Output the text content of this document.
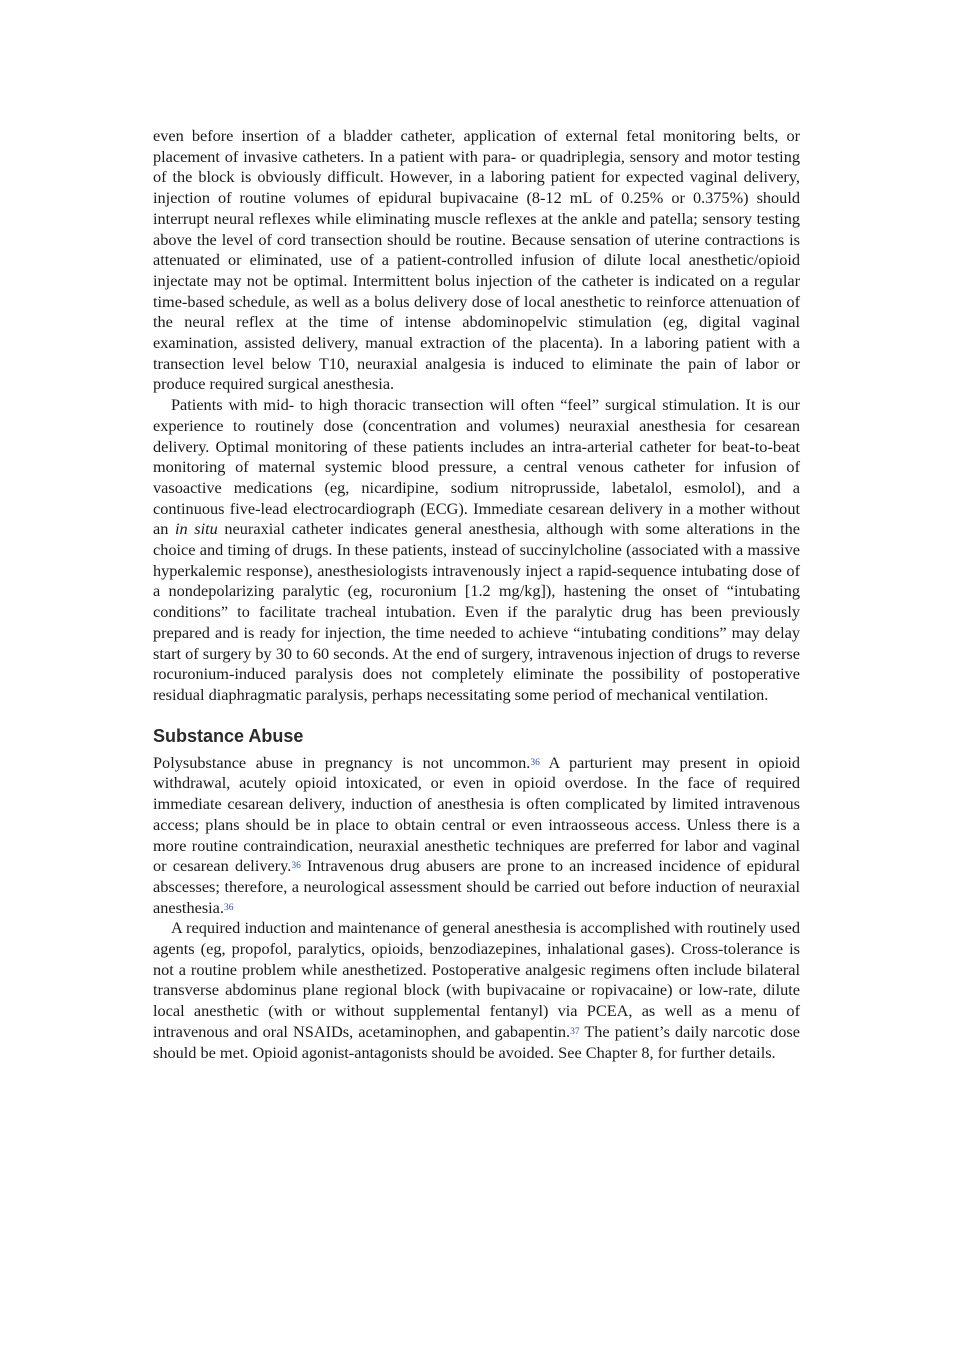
even before insertion of a bladder catheter, application of external fetal monitoring belts, or placement of invasive catheters. In a patient with para- or quadriplegia, sensory and motor testing of the block is obviously difficult. However, in a laboring patient for expected vaginal delivery, injection of routine volumes of epidural bupivacaine (8-12 mL of 0.25% or 0.375%) should interrupt neural reflexes while eliminating muscle reflexes at the ankle and patella; sensory testing above the level of cord transection should be routine. Because sensation of uterine contractions is attenuated or eliminated, use of a patient-controlled infusion of dilute local anesthetic/opioid injectate may not be optimal. Intermittent bolus injection of the catheter is indicated on a regular time-based schedule, as well as a bolus delivery dose of local anesthetic to reinforce attenuation of the neural reflex at the time of intense abdominopelvic stimulation (eg, digital vaginal examination, assisted delivery, manual extraction of the placenta). In a laboring patient with a transection level below T10, neuraxial analgesia is induced to eliminate the pain of labor or produce required surgical anesthesia.

Patients with mid- to high thoracic transection will often “feel” surgical stimulation. It is our experience to routinely dose (concentration and volumes) neuraxial anesthesia for cesarean delivery. Optimal monitoring of these patients includes an intra-arterial catheter for beat-to-beat monitoring of maternal systemic blood pressure, a central venous catheter for infusion of vasoactive medications (eg, nicardipine, sodium nitroprusside, labetalol, esmolol), and a continuous five-lead electrocardiograph (ECG). Immediate cesarean delivery in a mother without an in situ neuraxial catheter indicates general anesthesia, although with some alterations in the choice and timing of drugs. In these patients, instead of succinylcholine (associated with a massive hyperkalemic response), anesthesiologists intravenously inject a rapid-sequence intubating dose of a nondepolarizing paralytic (eg, rocuronium [1.2 mg/kg]), hastening the onset of “intubating conditions” to facilitate tracheal intubation. Even if the paralytic drug has been previously prepared and is ready for injection, the time needed to achieve “intubating conditions” may delay start of surgery by 30 to 60 seconds. At the end of surgery, intravenous injection of drugs to reverse rocuronium-induced paralysis does not completely eliminate the possibility of postoperative residual diaphragmatic paralysis, perhaps necessitating some period of mechanical ventilation.

Substance Abuse

Polysubstance abuse in pregnancy is not uncommon.36 A parturient may present in opioid withdrawal, acutely opioid intoxicated, or even in opioid overdose. In the face of required immediate cesarean delivery, induction of anesthesia is often complicated by limited intravenous access; plans should be in place to obtain central or even intraosseous access. Unless there is a more routine contraindication, neuraxial anesthetic techniques are preferred for labor and vaginal or cesarean delivery.36 Intravenous drug abusers are prone to an increased incidence of epidural abscesses; therefore, a neurological assessment should be carried out before induction of neuraxial anesthesia.36

A required induction and maintenance of general anesthesia is accomplished with routinely used agents (eg, propofol, paralytics, opioids, benzodiazepines, inhalational gases). Cross-tolerance is not a routine problem while anesthetized. Postoperative analgesic regimens often include bilateral transverse abdominus plane regional block (with bupivacaine or ropivacaine) or low-rate, dilute local anesthetic (with or without supplemental fentanyl) via PCEA, as well as a menu of intravenous and oral NSAIDs, acetaminophen, and gabapentin.37 The patient’s daily narcotic dose should be met. Opioid agonist-antagonists should be avoided. See Chapter 8, for further details.
